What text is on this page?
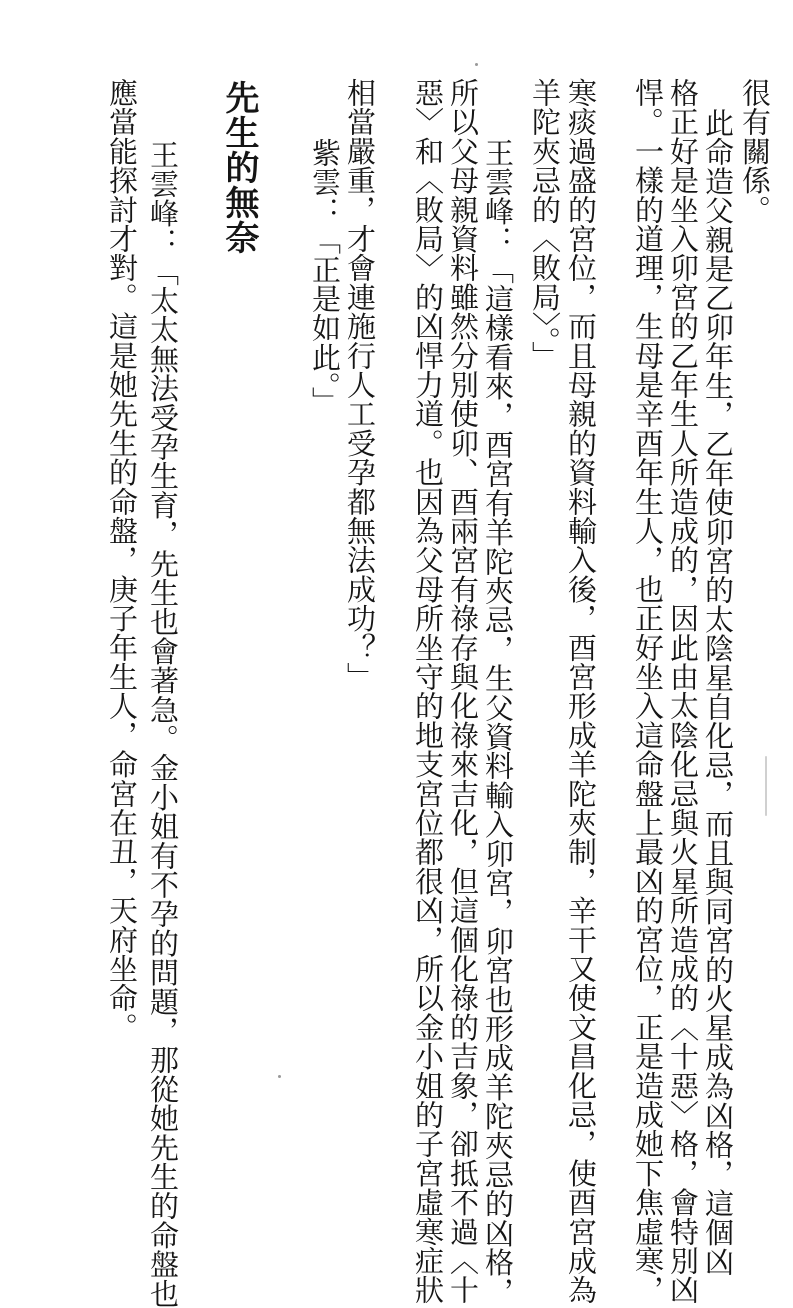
很有關係。
此命造父親是乙卯年生，乙年使卯宮的太陰星自化忌，而且與同宮的火星成為凶格，這個凶
格正好是坐入卯宮的乙年生人所造成的，因此由太陰化忌與火星所造成的〈十惡〉格，會特別凶
悍。一樣的道理，生母是辛酉年生人，也正好坐入這命盤上最凶的宮位，正是造成她下焦虛寒，
寒痰過盛的宮位，而且母親的資料輸入後，酉宮形成羊陀夾制，辛干又使文昌化忌，使酉宮成為
羊陀夾忌的〈敗局〉。」
王雲峰：「這樣看來，酉宮有羊陀夾忌，生父資料輸入卯宮，卯宮也形成羊陀夾忌的凶格，
所以父母親資料雖然分別使卯、酉兩宮有祿存與化祿來吉化，但這個化祿的吉象，卻抵不過〈十
惡〉和〈敗局〉的凶悍力道。也因為父母所坐守的地支宮位都很凶，所以金小姐的子宮虛寒症狀
相當嚴重，才會連施行人工受孕都無法成功？」
紫雲：「正是如此。」
先生的無奈
王雲峰：「太太無法受孕生育，先生也會著急。金小姐有不孕的問題，那從她先生的命盤也
應當能探討才對。這是她先生的命盤，庚子年生人，命宮在丑，天府坐命。
